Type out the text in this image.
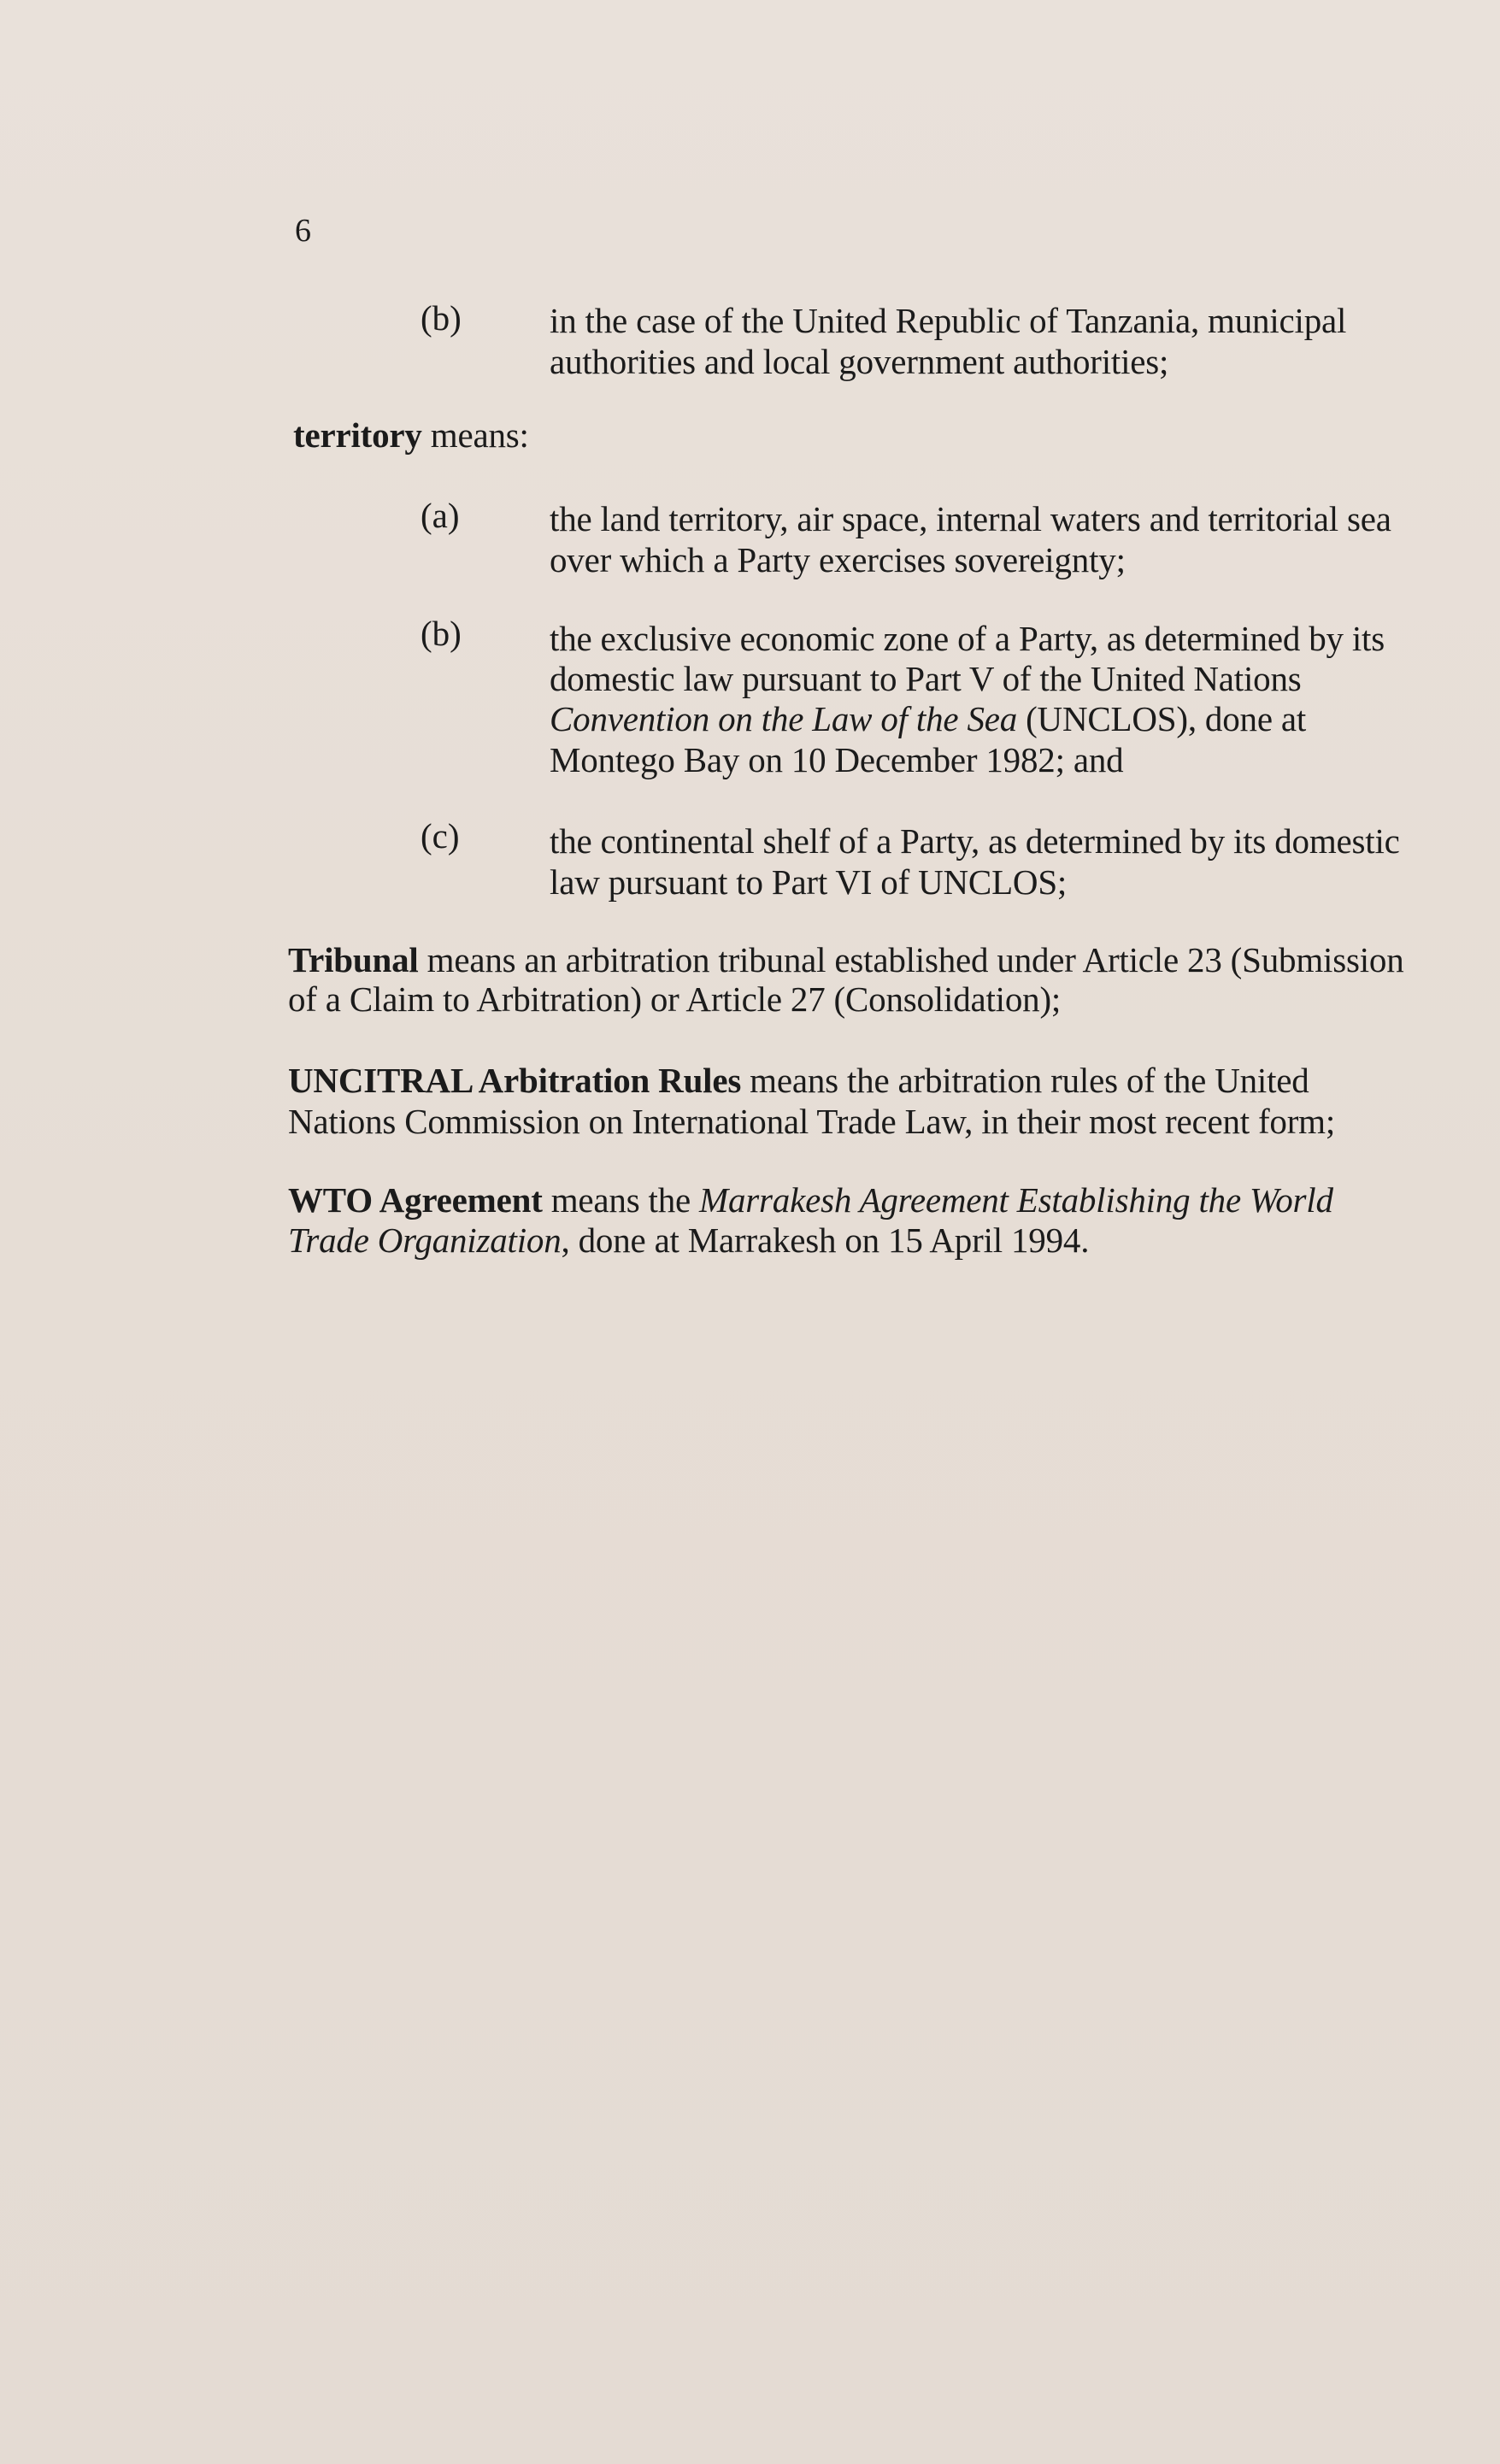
6
(b)	in the case of the United Republic of Tanzania, municipal
authorities and local government authorities;
territory means:
(a)	the land territory, air space, internal waters and territorial sea
over which a Party exercises sovereignty;
(b)	the exclusive economic zone of a Party, as determined by its
domestic law pursuant to Part V of the United Nations
Convention on the Law of the Sea (UNCLOS), done at
Montego Bay on 10 December 1982; and
(c)	the continental shelf of a Party, as determined by its domestic
law pursuant to Part VI of UNCLOS;
Tribunal means an arbitration tribunal established under Article 23 (Submission
of a Claim to Arbitration) or Article 27 (Consolidation);
UNCITRAL Arbitration Rules means the arbitration rules of the United
Nations Commission on International Trade Law, in their most recent form;
WTO Agreement means the Marrakesh Agreement Establishing the World
Trade Organization, done at Marrakesh on 15 April 1994.
